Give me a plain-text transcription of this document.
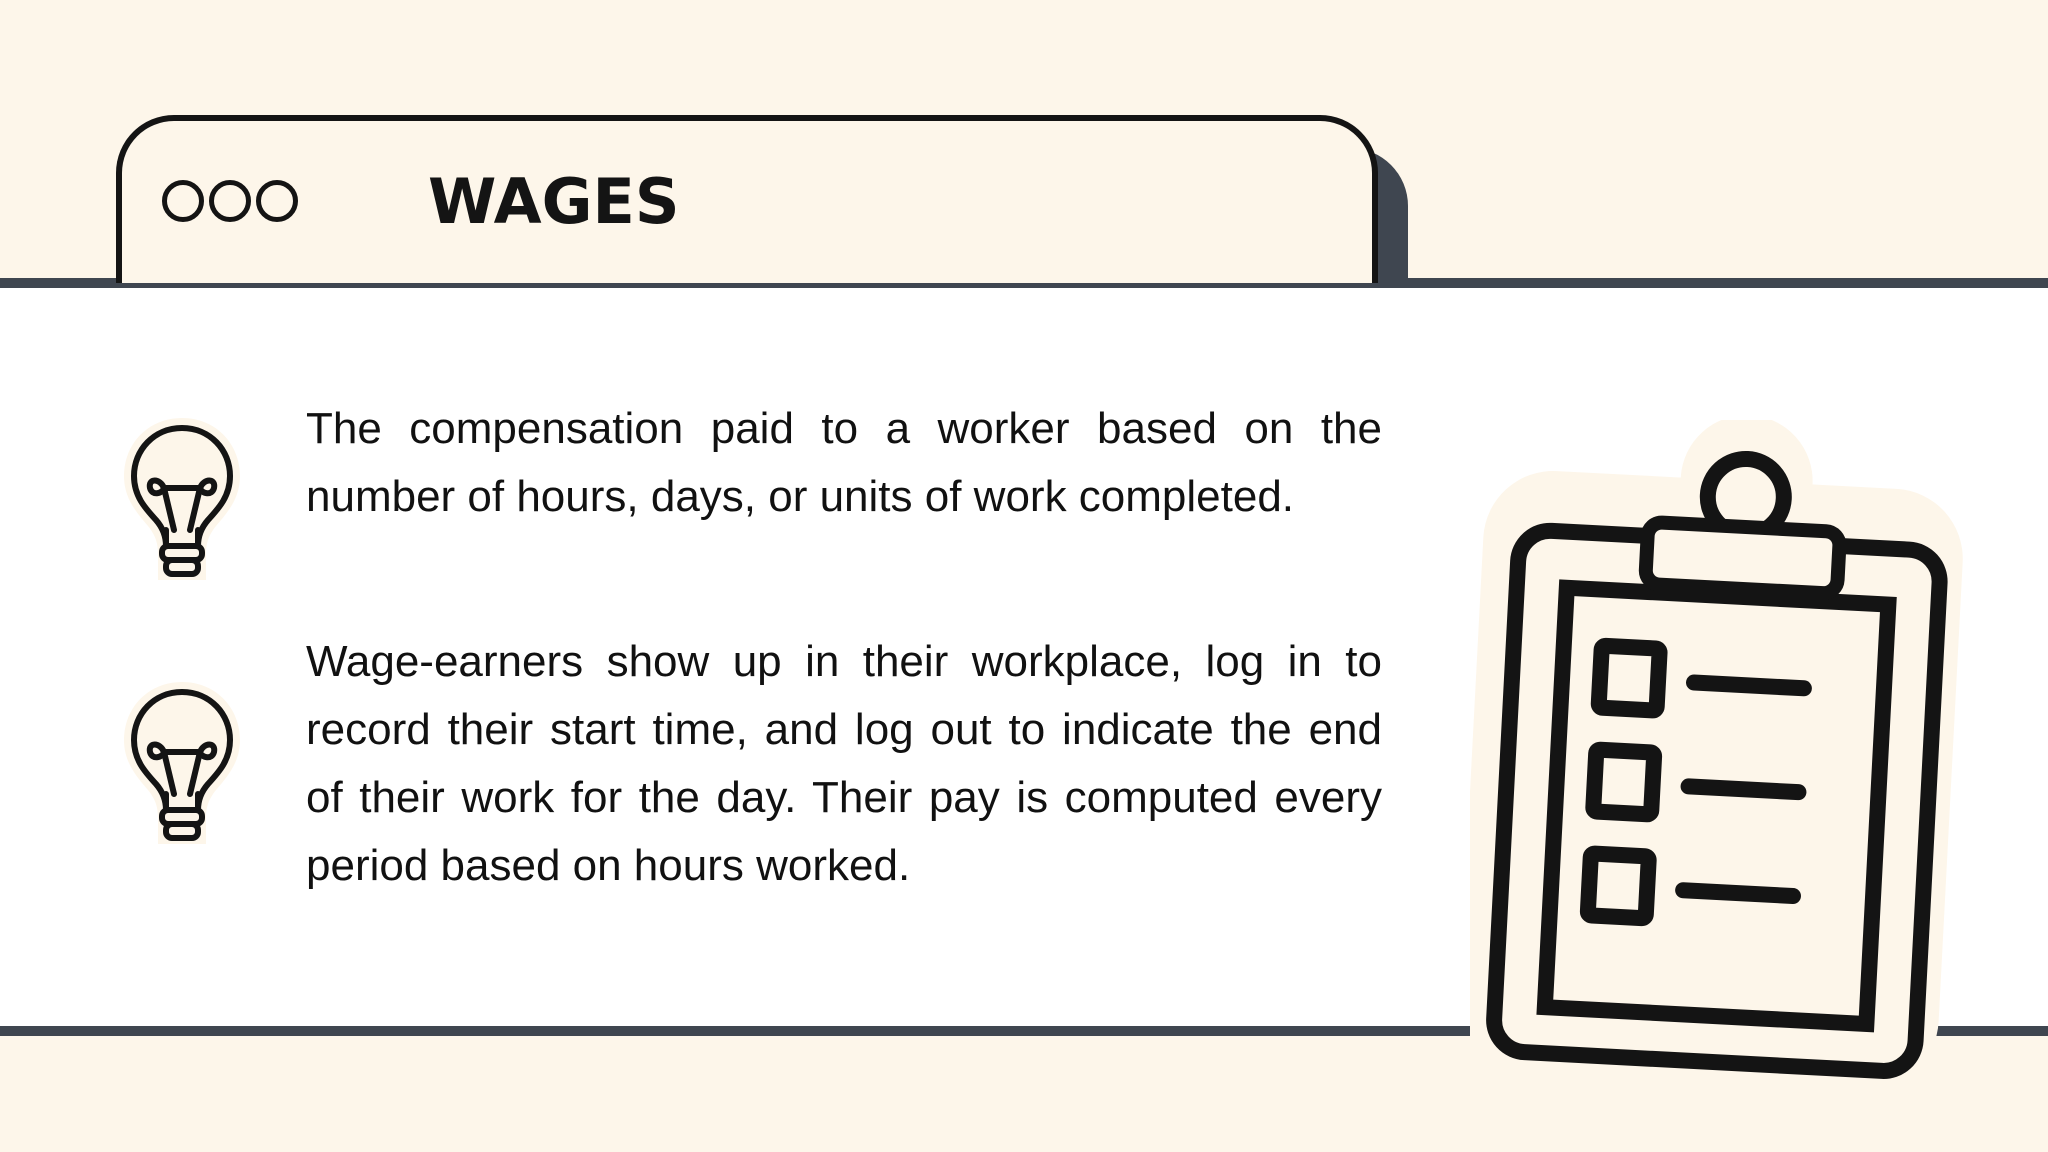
WAGES

The compensation paid to a worker based on the number of hours, days, or units of work completed.

Wage-earners show up in their workplace, log in to record their start time, and log out to indicate the end of their work for the day. Their pay is computed every period based on hours worked.
